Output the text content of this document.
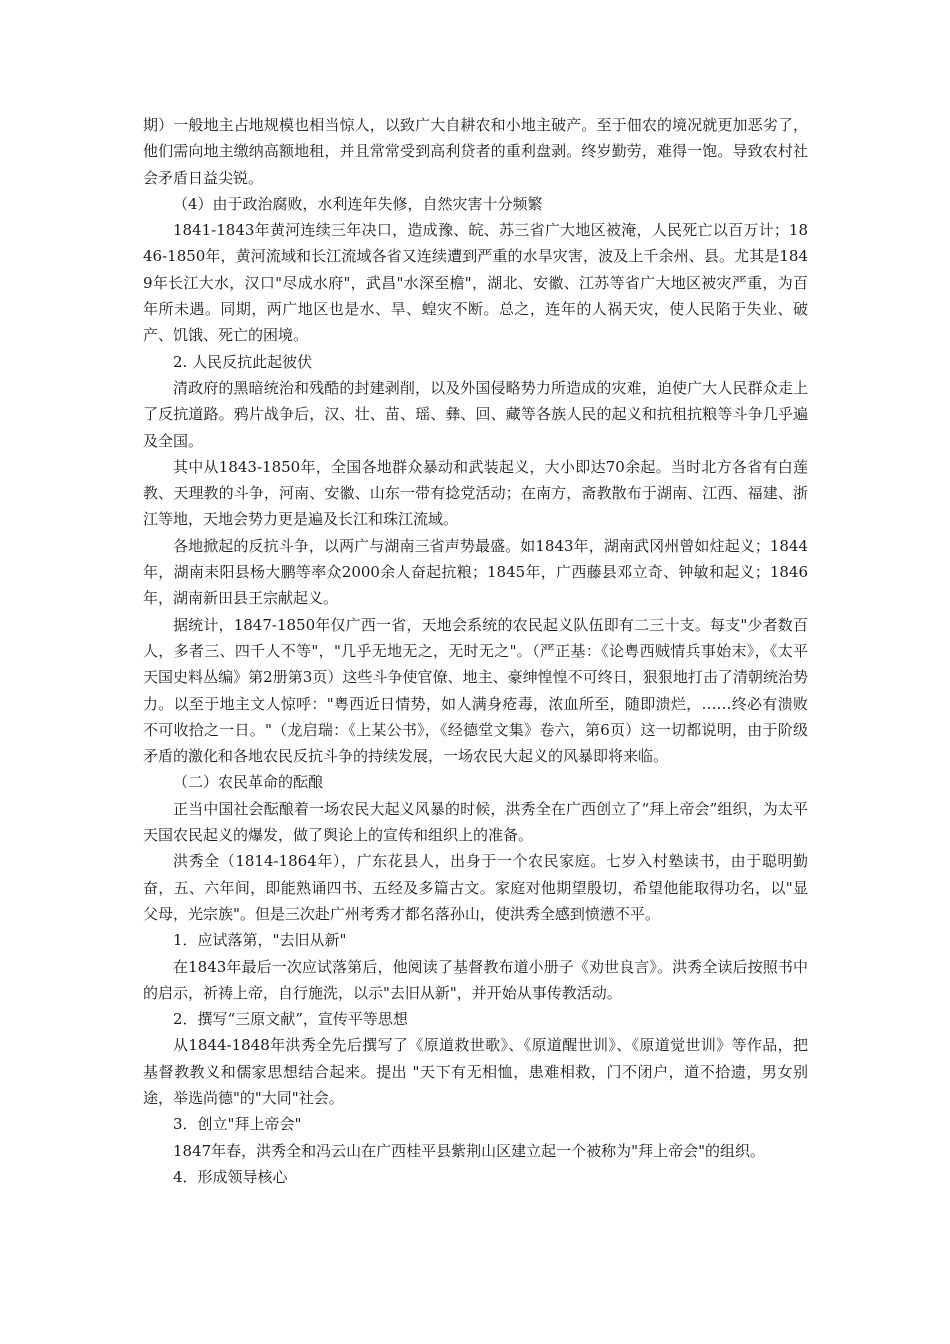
期）一般地主占地规模也相当惊人，以致广大自耕农和小地主破产。至于佃农的境况就更加恶劣了，他们需向地主缴纳高额地租，并且常常受到高利贷者的重利盘剥。终岁勤劳，难得一饱。导致农村社会矛盾日益尖锐。

（4）由于政治腐败，水利连年失修，自然灾害十分频繁

1841-1843年黄河连续三年决口，造成豫、皖、苏三省广大地区被淹，人民死亡以百万计；1846-1850年，黄河流域和长江流域各省又连续遭到严重的水旱灾害，波及上千余州、县。尤其是1849年长江大水，汉口"尽成水府"，武昌"水深至檐"，湖北、安徽、江苏等省广大地区被灾严重，为百年所未遇。同期，两广地区也是水、旱、蝗灾不断。总之，连年的人祸天灾，使人民陷于失业、破产、饥饿、死亡的困境。

2. 人民反抗此起彼伏

清政府的黑暗统治和残酷的封建剥削，以及外国侵略势力所造成的灾难，迫使广大人民群众走上了反抗道路。鸦片战争后，汉、壮、苗、瑶、彝、回、藏等各族人民的起义和抗租抗粮等斗争几乎遍及全国。

其中从1843-1850年，全国各地群众暴动和武装起义，大小即达70余起。当时北方各省有白莲教、天理教的斗争，河南、安徽、山东一带有捻党活动；在南方，斋教散布于湖南、江西、福建、浙江等地，天地会势力更是遍及长江和珠江流域。

各地掀起的反抗斗争，以两广与湖南三省声势最盛。如1843年，湖南武冈州曾如炷起义；1844年，湖南耒阳县杨大鹏等率众2000余人奋起抗粮；1845年，广西藤县邓立奇、钟敏和起义；1846年，湖南新田县王宗献起义。

据统计，1847-1850年仅广西一省，天地会系统的农民起义队伍即有二三十支。每支"少者数百人，多者三、四千人不等"，"几乎无地无之，无时无之"。（严正基：《论粤西贼情兵事始末》，《太平天国史料丛编》第2册第3页）这些斗争使官僚、地主、豪绅惶惶不可终日，狠狠地打击了清朝统治势力。以至于地主文人惊呼："粤西近日情势，如人满身疮毒，浓血所至，随即溃烂，……终必有溃败不可收拾之一日。"（龙启瑞：《上某公书》，《经德堂文集》卷六，第6页）这一切都说明，由于阶级矛盾的激化和各地农民反抗斗争的持续发展，一场农民大起义的风暴即将来临。

（二）农民革命的酝酿

正当中国社会酝酿着一场农民大起义风暴的时候，洪秀全在广西创立了“拜上帝会”组织，为太平天国农民起义的爆发，做了舆论上的宣传和组织上的准备。

洪秀全（1814-1864年），广东花县人，出身于一个农民家庭。七岁入村塾读书，由于聪明勤奋，五、六年间，即能熟诵四书、五经及多篇古文。家庭对他期望殷切，希望他能取得功名，以"显父母，光宗族"。但是三次赴广州考秀才都名落孙山，使洪秀全感到愤懑不平。

1．应试落第，"去旧从新"

在1843年最后一次应试落第后，他阅读了基督教布道小册子《劝世良言》。洪秀全读后按照书中的启示，祈祷上帝，自行施洗，以示"去旧从新"，并开始从事传教活动。

2．撰写“三原文献”，宣传平等思想

从1844-1848年洪秀全先后撰写了《原道救世歌》、《原道醒世训》、《原道觉世训》等作品，把基督教教义和儒家思想结合起来。提出 "天下有无相恤，患难相救，门不闭户，道不拾遗，男女别途，举选尚德"的"大同"社会。

3．创立"拜上帝会"

1847年春，洪秀全和冯云山在广西桂平县紫荆山区建立起一个被称为"拜上帝会"的组织。

4．形成领导核心
